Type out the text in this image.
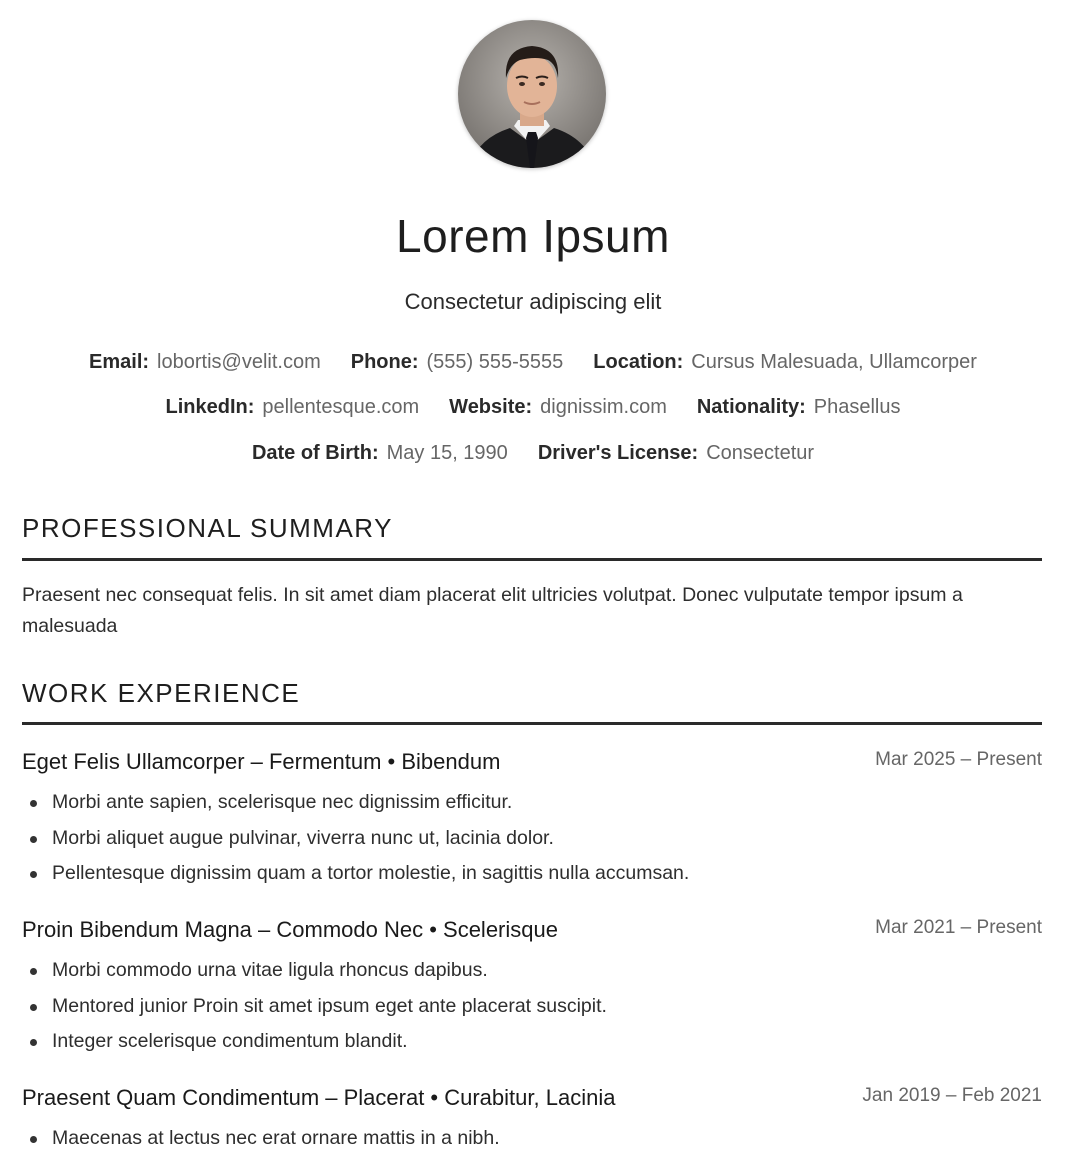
Lorem Ipsum
Consectetur adipiscing elit
Email: lobortis@velit.com Phone: (555) 555-5555 Location: Cursus Malesuada, Ullamcorper
LinkedIn: pellentesque.com Website: dignissim.com Nationality: Phasellus
Date of Birth: May 15, 1990 Driver's License: Consectetur
PROFESSIONAL SUMMARY
Praesent nec consequat felis. In sit amet diam placerat elit ultricies volutpat. Donec vulputate tempor ipsum a malesuada
WORK EXPERIENCE
Eget Felis Ullamcorper – Fermentum • Bibendum	Mar 2025 – Present
Morbi ante sapien, scelerisque nec dignissim efficitur.
Morbi aliquet augue pulvinar, viverra nunc ut, lacinia dolor.
Pellentesque dignissim quam a tortor molestie, in sagittis nulla accumsan.
Proin Bibendum Magna – Commodo Nec • Scelerisque	Mar 2021 – Present
Morbi commodo urna vitae ligula rhoncus dapibus.
Mentored junior Proin sit amet ipsum eget ante placerat suscipit.
Integer scelerisque condimentum blandit.
Praesent Quam Condimentum – Placerat • Curabitur, Lacinia	Jan 2019 – Feb 2021
Maecenas at lectus nec erat ornare mattis in a nibh.
